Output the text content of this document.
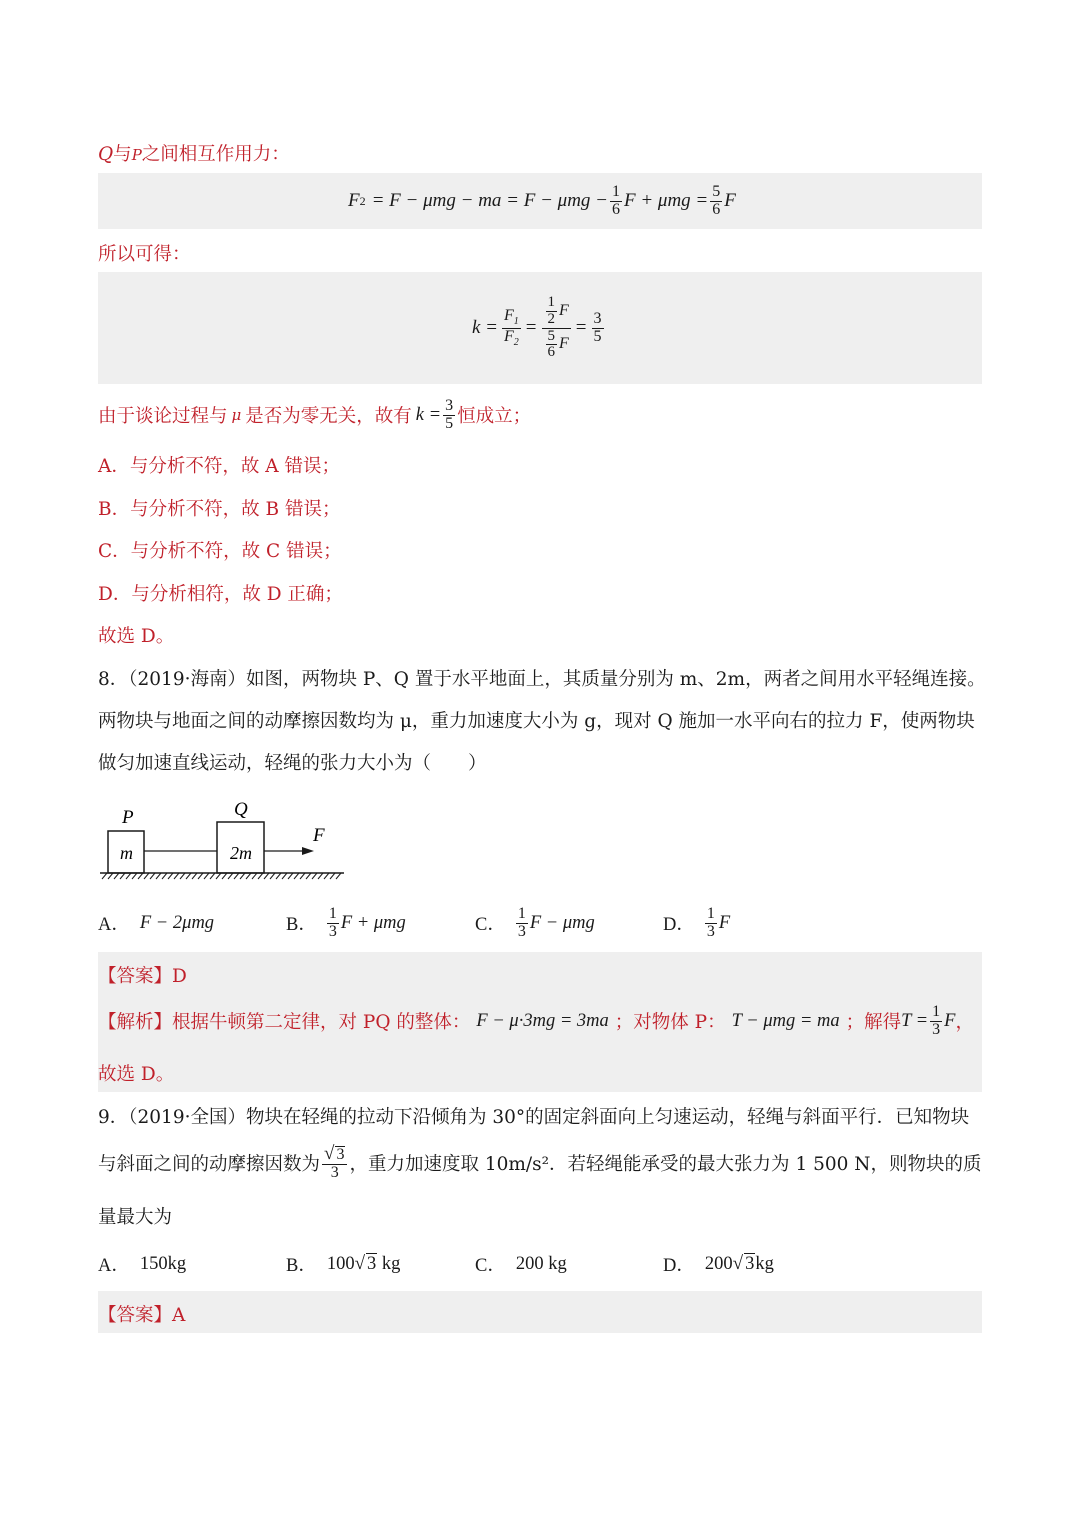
Q与P之间相互作用力：
F 2 = F − μmg − ma = $F - \mu mg - \frac{1}{6}$ $F + \mu mg = \frac{5}{6}$ F
所以可得：
$k = \frac{F_1}{F_2} = \frac{\frac{1}{2} F}{\frac{5}{6} F} = \frac{3}{5}$
由于谈论过程与 μ 是否为零无关，故有 $k = \frac{3}{5}$ 恒成立；
A．与分析不符，故 A 错误；
B．与分析不符，故 B 错误；
C．与分析不符，故 C 错误；
D．与分析相符，故 D 正确；
故选 D。
8．（2019·海南）如图，两物块 P、Q 置于水平地面上，其质量分别为 m、2m，两者之间用水平轻绳连接。
两物块与地面之间的动摩擦因数均为 μ，重力加速度大小为 g，现对 Q 施加一水平向右的拉力 F，使两物块
做匀加速直线运动，轻绳的张力大小为（　　）
P	Q
F
m	2m
A． F − 2μmg	B． $\frac{1}{3}$ F + μmg	C． $\frac{1}{3}$ F − μmg	D． $\frac{1}{3}$ F
【答案】D
【解析】根据牛顿第二定律，对 PQ 的整体： F − μ·3mg = 3ma ；对物体 P： T − μmg = ma ；解得 $T = \frac{1}{3}$ F ，
故选 D。
9．（2019·全国）物块在轻绳的拉动下沿倾角为 30°的固定斜面向上匀速运动，轻绳与斜面平行．已知物块
与斜面之间的动摩擦因数为 $\frac{√ 3}{3}$ ，重力加速度取 10m/s²．若轻绳能承受的最大张力为 1 500 N，则物块的质
量最大为
A． 150kg	B． 100 √ 3 kg	C． 200 kg	D． 200 √ 3 kg
【答案】A
